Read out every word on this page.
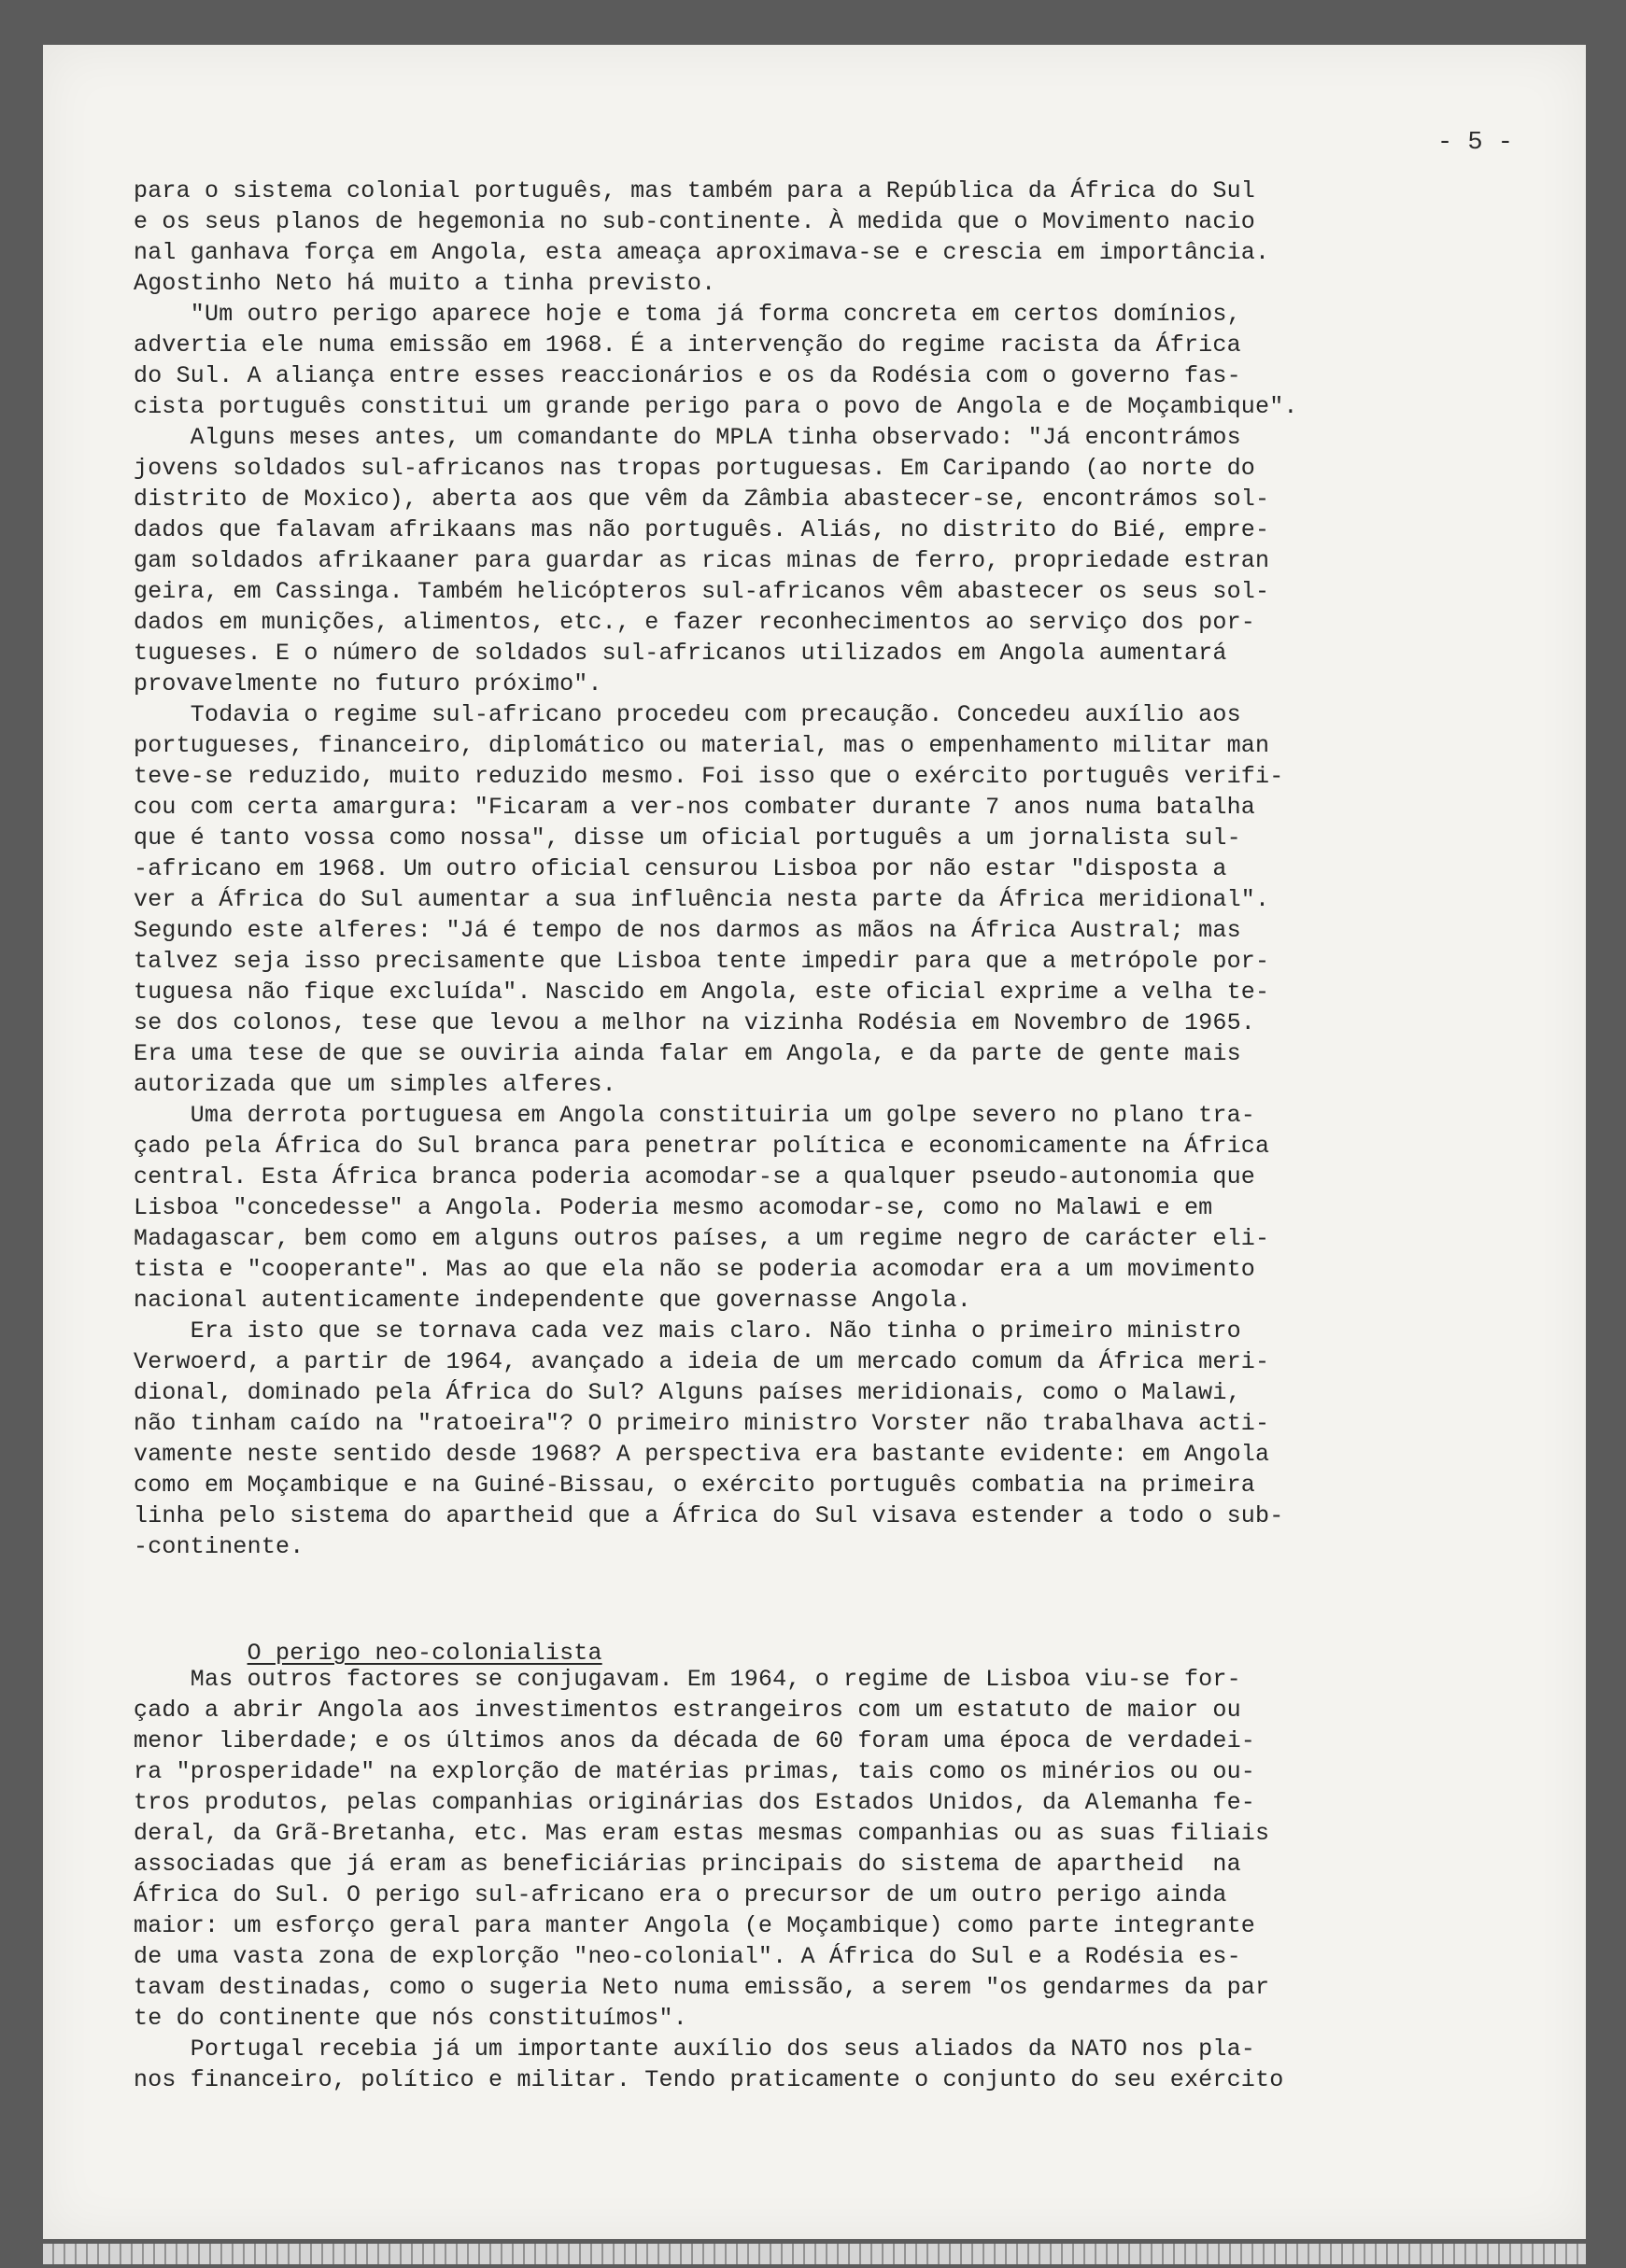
- 5 -
para o sistema colonial português, mas também para a República da África do Sul
e os seus planos de hegemonia no sub-continente. À medida que o Movimento nacio
nal ganhava força em Angola, esta ameaça aproximava-se e crescia em importância.
Agostinho Neto há muito a tinha previsto.
"Um outro perigo aparece hoje e toma já forma concreta em certos domínios,
advertia ele numa emissão em 1968. É a intervenção do regime racista da África
do Sul. A aliança entre esses reaccionários e os da Rodésia com o governo fas-
cista português constitui um grande perigo para o povo de Angola e de Moçambique".
Alguns meses antes, um comandante do MPLA tinha observado: "Já encontrámos
jovens soldados sul-africanos nas tropas portuguesas. Em Caripando (ao norte do
distrito de Moxico), aberta aos que vêm da Zâmbia abastecer-se, encontrámos sol-
dados que falavam afrikaans mas não português. Aliás, no distrito do Bié, empre-
gam soldados afrikaaner para guardar as ricas minas de ferro, propriedade estran
geira, em Cassinga. Também helicópteros sul-africanos vêm abastecer os seus sol-
dados em munições, alimentos, etc., e fazer reconhecimentos ao serviço dos por-
tugueses. E o número de soldados sul-africanos utilizados em Angola aumentará
provavelmente no futuro próximo".
Todavia o regime sul-africano procedeu com precaução. Concedeu auxílio aos
portugueses, financeiro, diplomático ou material, mas o empenhamento militar man
teve-se reduzido, muito reduzido mesmo. Foi isso que o exército português verifi-
cou com certa amargura: "Ficaram a ver-nos combater durante 7 anos numa batalha
que é tanto vossa como nossa", disse um oficial português a um jornalista sul-
-africano em 1968. Um outro oficial censurou Lisboa por não estar "disposta a
ver a África do Sul aumentar a sua influência nesta parte da África meridional".
Segundo este alferes: "Já é tempo de nos darmos as mãos na África Austral; mas
talvez seja isso precisamente que Lisboa tente impedir para que a metrópole por-
tuguesa não fique excluída". Nascido em Angola, este oficial exprime a velha te-
se dos colonos, tese que levou a melhor na vizinha Rodésia em Novembro de 1965.
Era uma tese de que se ouviria ainda falar em Angola, e da parte de gente mais
autorizada que um simples alferes.
Uma derrota portuguesa em Angola constituiria um golpe severo no plano tra-
çado pela África do Sul branca para penetrar política e economicamente na África
central. Esta África branca poderia acomodar-se a qualquer pseudo-autonomia que
Lisboa "concedesse" a Angola. Poderia mesmo acomodar-se, como no Malawi e em
Madagascar, bem como em alguns outros países, a um regime negro de carácter eli-
tista e "cooperante". Mas ao que ela não se poderia acomodar era a um movimento
nacional autenticamente independente que governasse Angola.
Era isto que se tornava cada vez mais claro. Não tinha o primeiro ministro
Verwoerd, a partir de 1964, avançado a ideia de um mercado comum da África meri-
dional, dominado pela África do Sul? Alguns países meridionais, como o Malawi,
não tinham caído na "ratoeira"? O primeiro ministro Vorster não trabalhava acti-
vamente neste sentido desde 1968? A perspectiva era bastante evidente: em Angola
como em Moçambique e na Guiné-Bissau, o exército português combatia na primeira
linha pelo sistema do apartheid que a África do Sul visava estender a todo o sub-
-continente.

O perigo neo-colonialista

Mas outros factores se conjugavam. Em 1964, o regime de Lisboa viu-se for-
çado a abrir Angola aos investimentos estrangeiros com um estatuto de maior ou
menor liberdade; e os últimos anos da década de 60 foram uma época de verdadei-
ra "prosperidade" na explorção de matérias primas, tais como os minérios ou ou-
tros produtos, pelas companhias originárias dos Estados Unidos, da Alemanha fe-
deral, da Grã-Bretanha, etc. Mas eram estas mesmas companhias ou as suas filiais
associadas que já eram as beneficiárias principais do sistema de apartheid  na
África do Sul. O perigo sul-africano era o precursor de um outro perigo ainda
maior: um esforço geral para manter Angola (e Moçambique) como parte integrante
de uma vasta zona de explorção "neo-colonial". A África do Sul e a Rodésia es-
tavam destinadas, como o sugeria Neto numa emissão, a serem "os gendarmes da par
te do continente que nós constituímos".
Portugal recebia já um importante auxílio dos seus aliados da NATO nos pla-
nos financeiro, político e militar. Tendo praticamente o conjunto do seu exército
